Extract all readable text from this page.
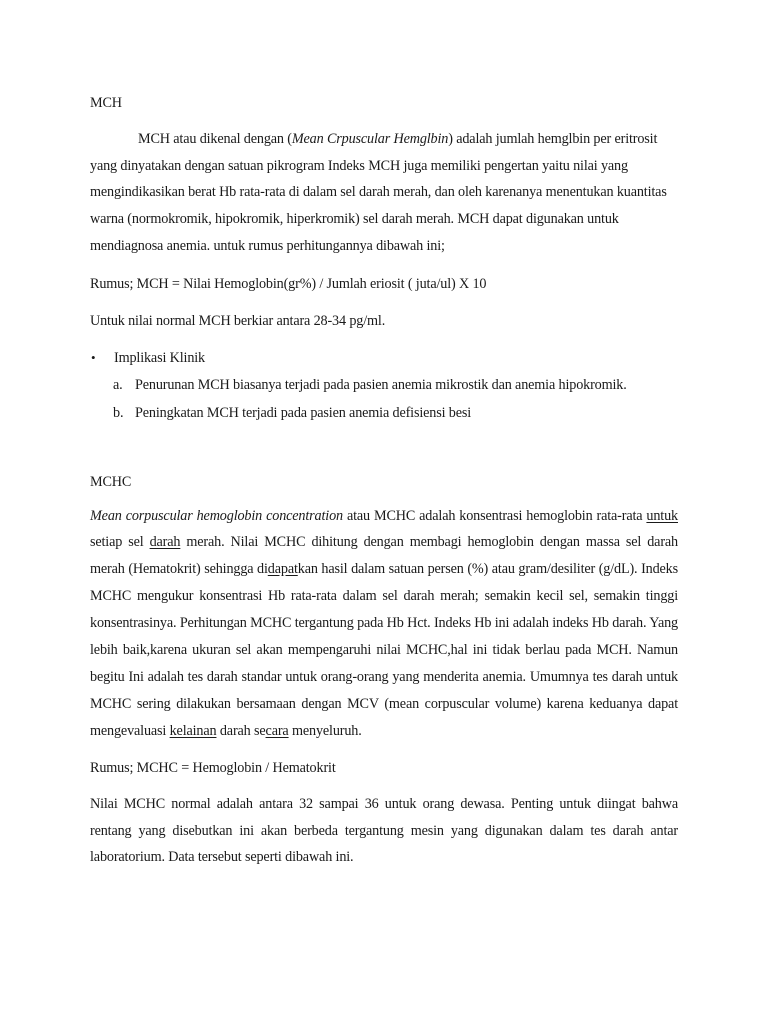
MCH

MCH atau dikenal dengan (Mean Crpuscular Hemglbin) adalah jumlah hemglbin per eritrosit yang dinyatakan dengan satuan pikrogram Indeks MCH juga memiliki pengertan yaitu nilai yang mengindikasikan berat Hb rata-rata di dalam sel darah merah, dan oleh karenanya menentukan kuantitas warna (normokromik, hipokromik, hiperkromik) sel darah merah. MCH dapat digunakan untuk mendiagnosa anemia. untuk rumus perhitungannya dibawah ini;

Rumus; MCH = Nilai Hemoglobin(gr%) / Jumlah eriosit ( juta/ul) X 10

Untuk nilai normal MCH berkiar antara 28-34 pg/ml.

•	Implikasi Klinik
a. Penurunan MCH biasanya terjadi pada pasien anemia mikrostik dan anemia hipokromik.
b. Peningkatan MCH terjadi pada pasien anemia defisiensi besi

MCHC

Mean corpuscular hemoglobin concentration atau MCHC adalah konsentrasi hemoglobin rata-rata untuk setiap sel darah merah. Nilai MCHC dihitung dengan membagi hemoglobin dengan massa sel darah merah (Hematokrit) sehingga didapatkan hasil dalam satuan persen (%) atau gram/desiliter (g/dL). Indeks MCHC mengukur konsentrasi Hb rata-rata dalam sel darah merah; semakin kecil sel, semakin tinggi konsentrasinya. Perhitungan MCHC tergantung pada Hb Hct. Indeks Hb ini adalah indeks Hb darah. Yang lebih baik,karena ukuran sel akan mempengaruhi nilai MCHC,hal ini tidak berlau pada MCH. Namun begitu Ini adalah tes darah standar untuk orang-orang yang menderita anemia. Umumnya tes darah untuk MCHC sering dilakukan bersamaan dengan MCV (mean corpuscular volume) karena keduanya dapat mengevaluasi kelainan darah secara menyeluruh.

Rumus; MCHC = Hemoglobin / Hematokrit

Nilai MCHC normal adalah antara 32 sampai 36 untuk orang dewasa. Penting untuk diingat bahwa rentang yang disebutkan ini akan berbeda tergantung mesin yang digunakan dalam tes darah antar laboratorium. Data tersebut seperti dibawah ini.
